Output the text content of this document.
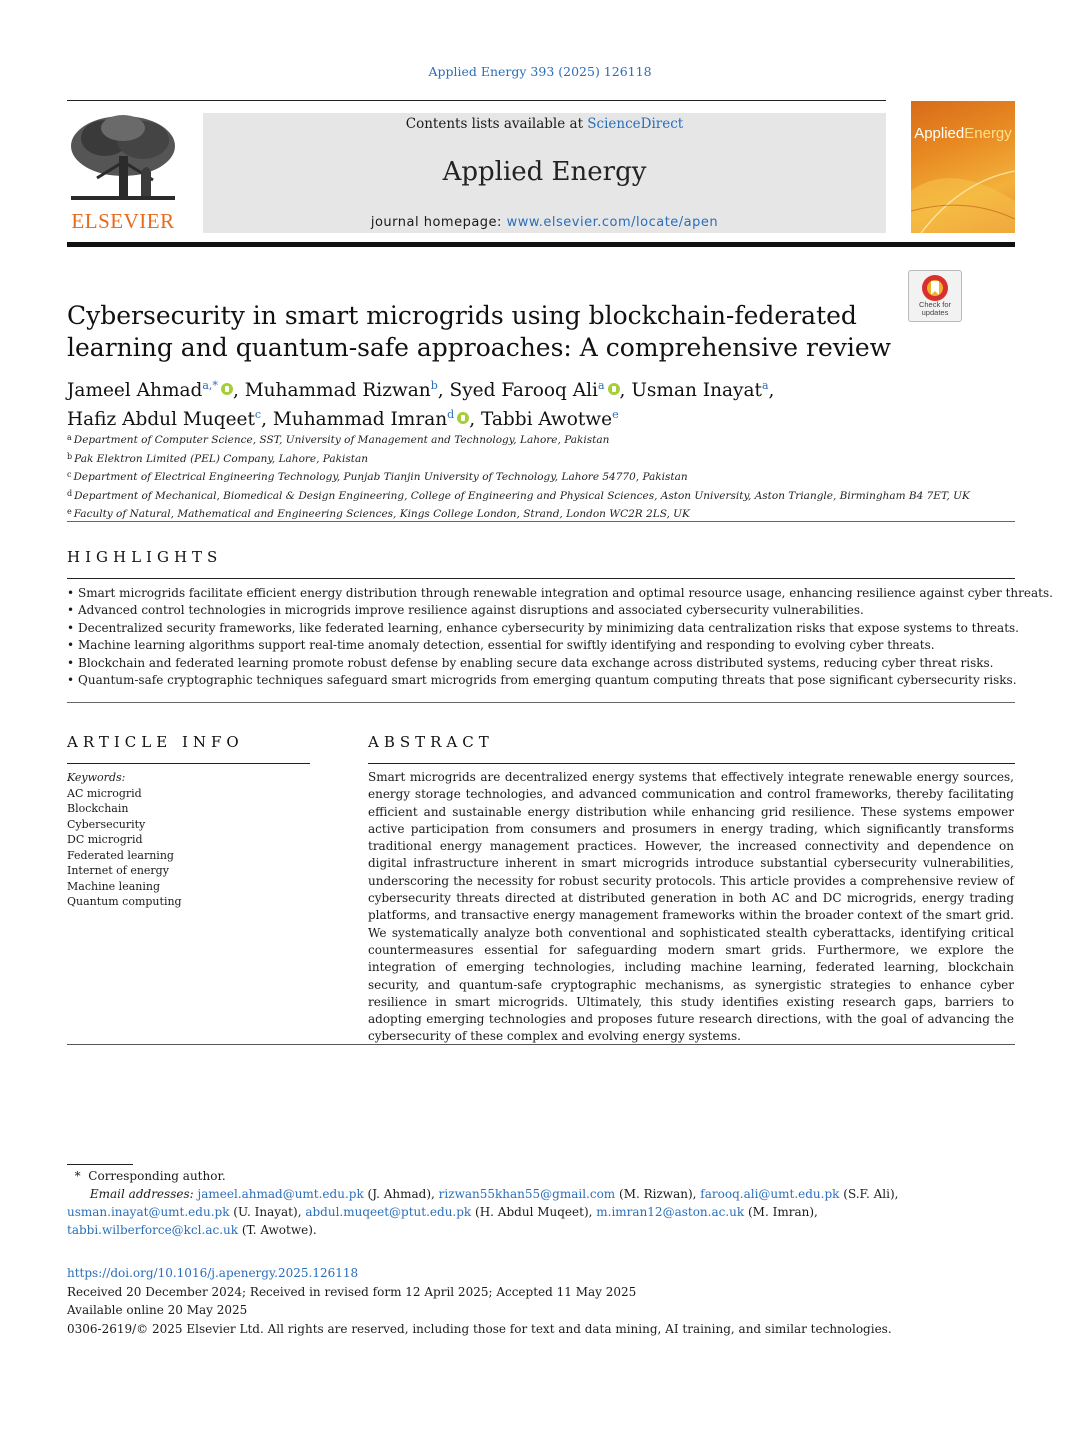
Applied Energy 393 (2025) 126118
ELSEVIER
Contents lists available at ScienceDirect
Applied Energy
journal homepage: www.elsevier.com/locate/apen
AppliedEnergy
Check for
updates
Cybersecurity in smart microgrids using blockchain-federated learning and quantum-safe approaches: A comprehensive review
Jameel Ahmad$^{a,*}$ , Muhammad Rizwan$^b$, Syed Farooq Ali$^a$ , Usman Inayat$^a$,
Hafiz Abdul Muqeet$^c$, Muhammad Imran$^d$ , Tabbi Awotwe$^e$
$^a$ Department of Computer Science, SST, University of Management and Technology, Lahore, Pakistan
$^b$ Pak Elektron Limited (PEL) Company, Lahore, Pakistan
$^c$ Department of Electrical Engineering Technology, Punjab Tianjin University of Technology, Lahore 54770, Pakistan
$^d$ Department of Mechanical, Biomedical & Design Engineering, College of Engineering and Physical Sciences, Aston University, Aston Triangle, Birmingham B4 7ET, UK
$^e$ Faculty of Natural, Mathematical and Engineering Sciences, Kings College London, Strand, London WC2R 2LS, UK
HIGHLIGHTS
• Smart microgrids facilitate efficient energy distribution through renewable integration and optimal resource usage, enhancing resilience against cyber threats.
• Advanced control technologies in microgrids improve resilience against disruptions and associated cybersecurity vulnerabilities.
• Decentralized security frameworks, like federated learning, enhance cybersecurity by minimizing data centralization risks that expose systems to threats.
• Machine learning algorithms support real-time anomaly detection, essential for swiftly identifying and responding to evolving cyber threats.
• Blockchain and federated learning promote robust defense by enabling secure data exchange across distributed systems, reducing cyber threat risks.
• Quantum-safe cryptographic techniques safeguard smart microgrids from emerging quantum computing threats that pose significant cybersecurity risks.
ARTICLE INFO
Keywords:
AC microgrid
Blockchain
Cybersecurity
DC microgrid
Federated learning
Internet of energy
Machine leaning
Quantum computing
ABSTRACT
Smart microgrids are decentralized energy systems that effectively integrate renewable energy sources, energy storage technologies, and advanced communication and control frameworks, thereby facilitating efficient and sustainable energy distribution while enhancing grid resilience. These systems empower active participation from consumers and prosumers in energy trading, which significantly transforms traditional energy management practices. However, the increased connectivity and dependence on digital infrastructure inherent in smart microgrids introduce substantial cybersecurity vulnerabilities, underscoring the necessity for robust security protocols. This article provides a comprehensive review of cybersecurity threats directed at distributed generation in both AC and DC microgrids, energy trading platforms, and transactive energy management frameworks within the broader context of the smart grid. We systematically analyze both conventional and sophisticated stealth cyberattacks, identifying critical countermeasures essential for safeguarding modern smart grids. Furthermore, we explore the integration of emerging technologies, including machine learning, federated learning, blockchain security, and quantum-safe cryptographic mechanisms, as synergistic strategies to enhance cyber resilience in smart microgrids. Ultimately, this study identifies existing research gaps, barriers to adopting emerging technologies and proposes future research directions, with the goal of advancing the cybersecurity of these complex and evolving energy systems.
* Corresponding author.
Email addresses: jameel.ahmad@umt.edu.pk (J. Ahmad), rizwan55khan55@gmail.com (M. Rizwan), farooq.ali@umt.edu.pk (S.F. Ali),
usman.inayat@umt.edu.pk (U. Inayat), abdul.muqeet@ptut.edu.pk (H. Abdul Muqeet), m.imran12@aston.ac.uk (M. Imran),
tabbi.wilberforce@kcl.ac.uk (T. Awotwe).
https://doi.org/10.1016/j.apenergy.2025.126118
Received 20 December 2024; Received in revised form 12 April 2025; Accepted 11 May 2025
Available online 20 May 2025
0306-2619/© 2025 Elsevier Ltd. All rights are reserved, including those for text and data mining, AI training, and similar technologies.
